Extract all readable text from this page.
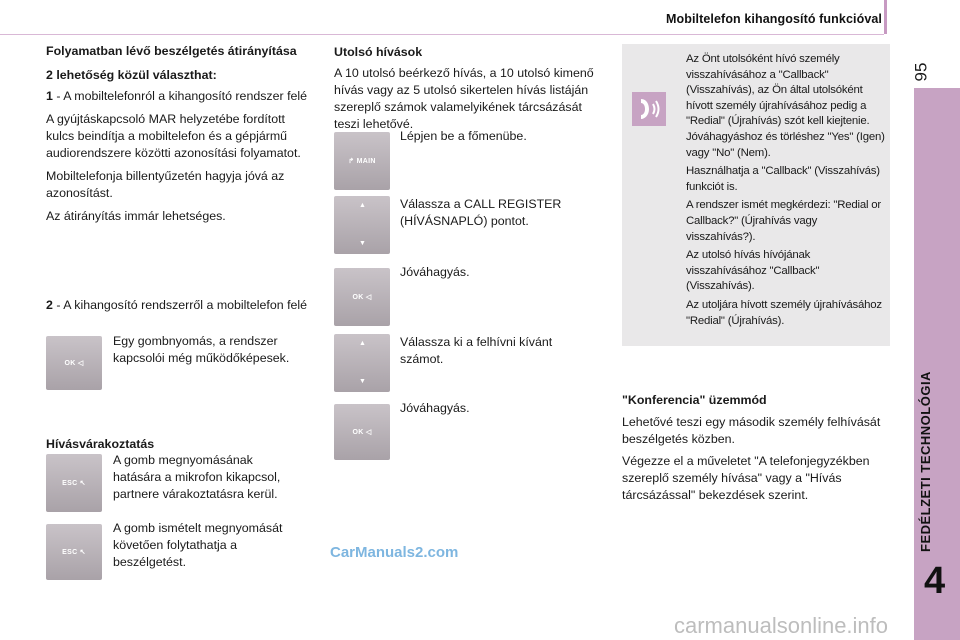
Mobiltelefon kihangosító funkcióval
95
4

Folyamatban lévő beszélgetés átirányítása

2 lehetőség közül választhat:

1 - A mobiltelefonról a kihangosító rendszer felé

A gyújtáskapcsoló MAR helyzetébe fordított kulcs beindítja a mobiltelefon és a gépjármű audiorendszere közötti azonosítási folyamatot.

Mobiltelefonja billentyűzetén hagyja jóvá az azonosítást.

Az átirányítás immár lehetséges.

2 - A kihangosító rendszerről a mobiltelefon felé

OK ◁

Egy gombnyomás, a rendszer kapcsolói még működőképesek.

Hívásvárakoztatás

ESC ↖

A gomb megnyomásának hatására a mikrofon kikapcsol, partnere várakoztatásra kerül.

ESC ↖

A gomb ismételt megnyomását követően folytathatja a beszélgetést.

Utolsó hívások

A 10 utolsó beérkező hívás, a 10 utolsó kimenő hívás vagy az 5 utolsó sikertelen hívás listáján szereplő számok valamelyikének tárcsázását teszi lehetővé.

↱ MAIN

Lépjen be a főmenübe.

▲
▼

Válassza a CALL REGISTER (HÍVÁSNAPLÓ) pontot.

OK ◁

Jóváhagyás.

▲
▼

Válassza ki a felhívni kívánt számot.

OK ◁

Jóváhagyás.

Az Önt utolsóként hívó személy visszahívásához a "Callback" (Visszahívás), az Ön által utolsóként hívott személy újrahívásához pedig a "Redial" (Újrahívás) szót kell kiejtenie. Jóváhagyáshoz és törléshez "Yes" (Igen) vagy "No" (Nem).

Használhatja a "Callback" (Visszahívás) funkciót is.

A rendszer ismét megkérdezi: "Redial or Callback?" (Újrahívás vagy visszahívás?).

Az utolsó hívás hívójának visszahívásához "Callback" (Visszahívás).

Az utoljára hívott személy újrahívásához "Redial" (Újrahívás).

"Konferencia" üzemmód

Lehetővé teszi egy második személy felhívását beszélgetés közben.

Végezze el a műveletet "A telefonjegyzékben szereplő személy hívása" vagy a "Hívás tárcsázással" bekezdések szerint.

CarManuals2.com
carmanualsonline.info
